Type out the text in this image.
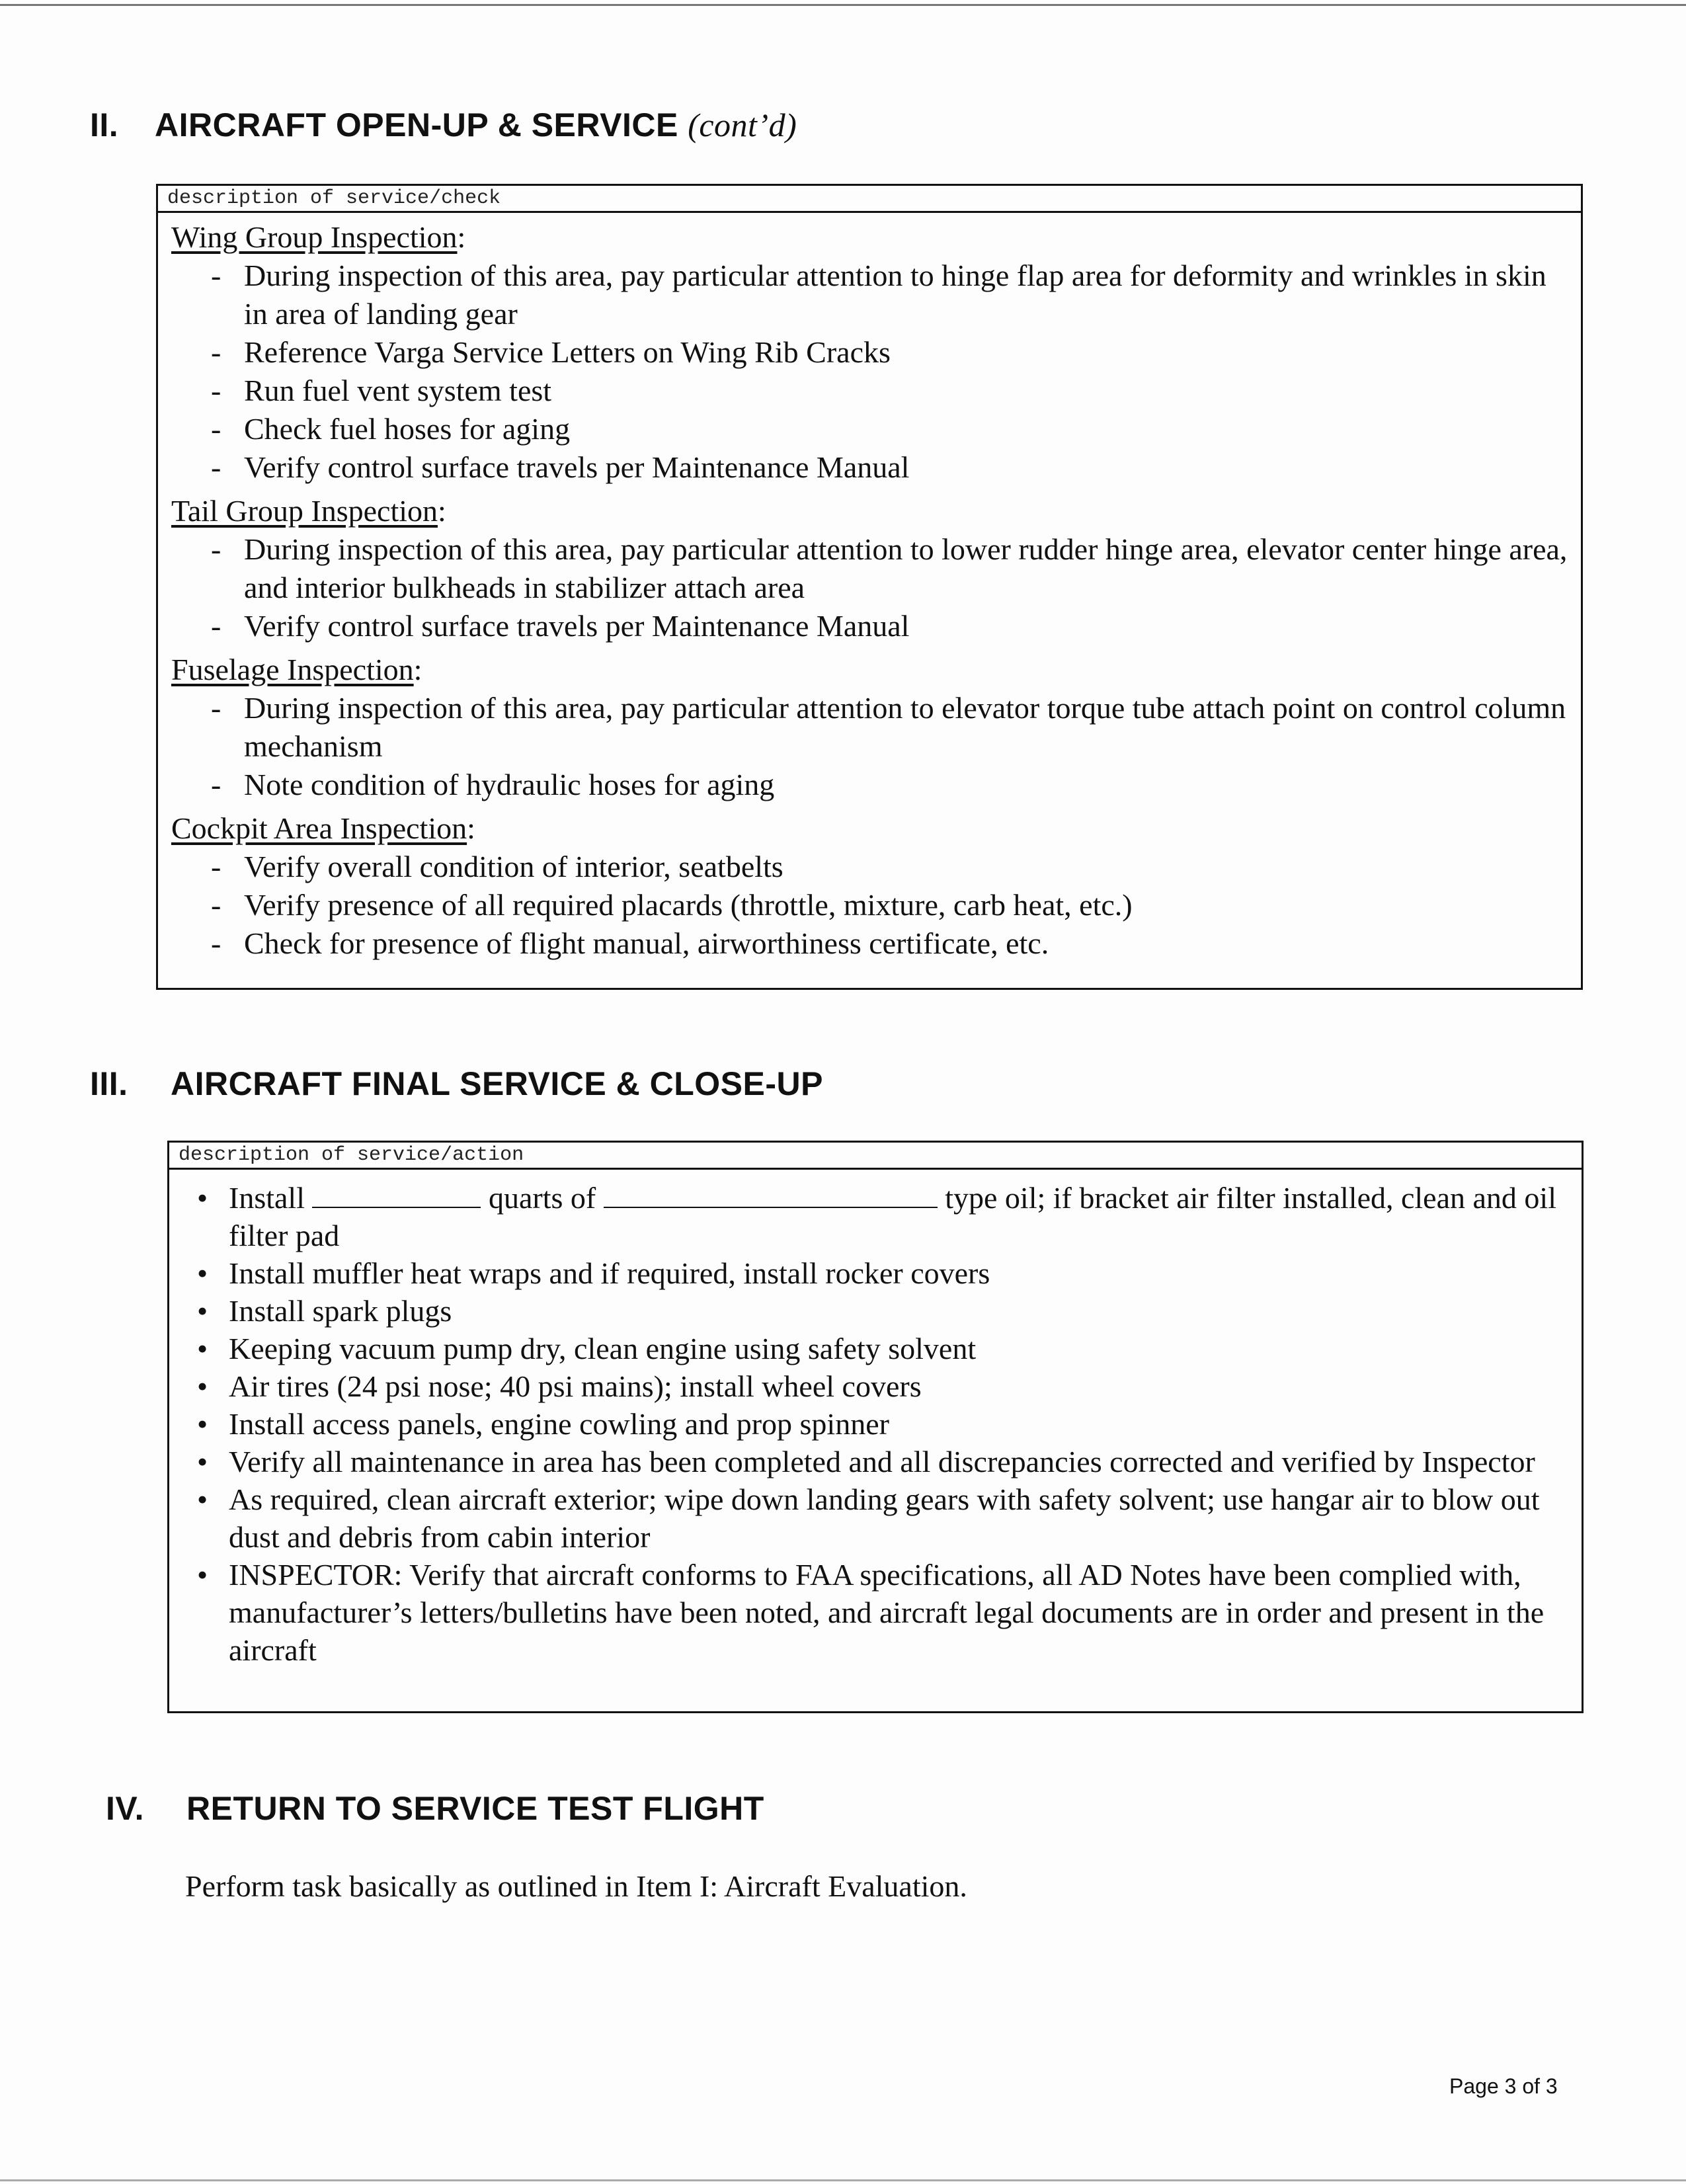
II. AIRCRAFT OPEN-UP & SERVICE (cont’d)
description of service/check
Wing Group Inspection:
- During inspection of this area, pay particular attention to hinge flap area for deformity and wrinkles in skin in area of landing gear
- Reference Varga Service Letters on Wing Rib Cracks
- Run fuel vent system test
- Check fuel hoses for aging
- Verify control surface travels per Maintenance Manual
Tail Group Inspection:
- During inspection of this area, pay particular attention to lower rudder hinge area, elevator center hinge area, and interior bulkheads in stabilizer attach area
- Verify control surface travels per Maintenance Manual
Fuselage Inspection:
- During inspection of this area, pay particular attention to elevator torque tube attach point on control column mechanism
- Note condition of hydraulic hoses for aging
Cockpit Area Inspection:
- Verify overall condition of interior, seatbelts
- Verify presence of all required placards (throttle, mixture, carb heat, etc.)
- Check for presence of flight manual, airworthiness certificate, etc.
III. AIRCRAFT FINAL SERVICE & CLOSE-UP
description of service/action
• Install	quarts of	type oil; if bracket air filter installed, clean and oil filter pad
• Install muffler heat wraps and if required, install rocker covers
• Install spark plugs
• Keeping vacuum pump dry, clean engine using safety solvent
• Air tires (24 psi nose; 40 psi mains); install wheel covers
• Install access panels, engine cowling and prop spinner
• Verify all maintenance in area has been completed and all discrepancies corrected and verified by Inspector
• As required, clean aircraft exterior; wipe down landing gears with safety solvent; use hangar air to blow out dust and debris from cabin interior
• INSPECTOR: Verify that aircraft conforms to FAA specifications, all AD Notes have been complied with, manufacturer’s letters/bulletins have been noted, and aircraft legal documents are in order and present in the aircraft
IV. RETURN TO SERVICE TEST FLIGHT
Perform task basically as outlined in Item I: Aircraft Evaluation.
Page 3 of 3
